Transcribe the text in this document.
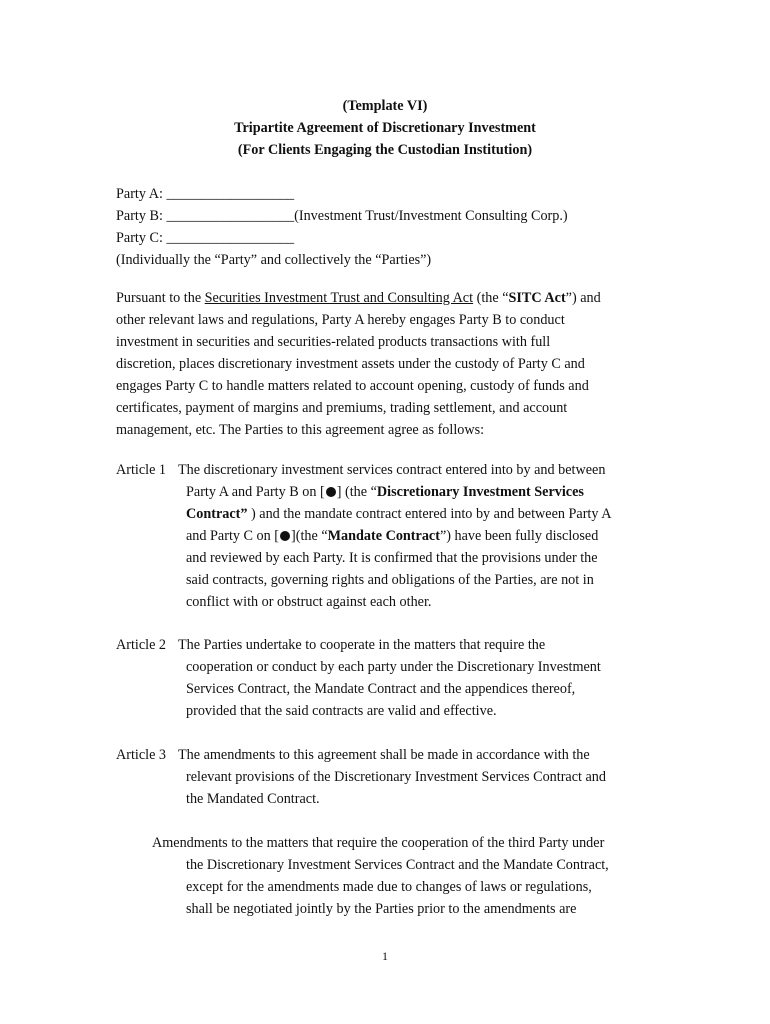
(Template VI)
Tripartite Agreement of Discretionary Investment
(For Clients Engaging the Custodian Institution)
Party A: __________________
Party B: __________________(Investment Trust/Investment Consulting Corp.)
Party C: __________________
(Individually the “Party” and collectively the “Parties”)
Pursuant to the Securities Investment Trust and Consulting Act (the “SITC Act”) and
other relevant laws and regulations, Party A hereby engages Party B to conduct
investment in securities and securities-related products transactions with full
discretion, places discretionary investment assets under the custody of Party C and
engages Party C to handle matters related to account opening, custody of funds and
certificates, payment of margins and premiums, trading settlement, and account
management, etc. The Parties to this agreement agree as follows:
Article 1 The discretionary investment services contract entered into by and between
Party A and Party B on [ ] (the “Discretionary Investment Services
Contract” ) and the mandate contract entered into by and between Party A
and Party C on [ ](the “Mandate Contract”) have been fully disclosed
and reviewed by each Party. It is confirmed that the provisions under the
said contracts, governing rights and obligations of the Parties, are not in
conflict with or obstruct against each other.
Article 2 The Parties undertake to cooperate in the matters that require the
cooperation or conduct by each party under the Discretionary Investment
Services Contract, the Mandate Contract and the appendices thereof,
provided that the said contracts are valid and effective.
Article 3 The amendments to this agreement shall be made in accordance with the
relevant provisions of the Discretionary Investment Services Contract and
the Mandated Contract.
Amendments to the matters that require the cooperation of the third Party under
the Discretionary Investment Services Contract and the Mandate Contract,
except for the amendments made due to changes of laws or regulations,
shall be negotiated jointly by the Parties prior to the amendments are
1
